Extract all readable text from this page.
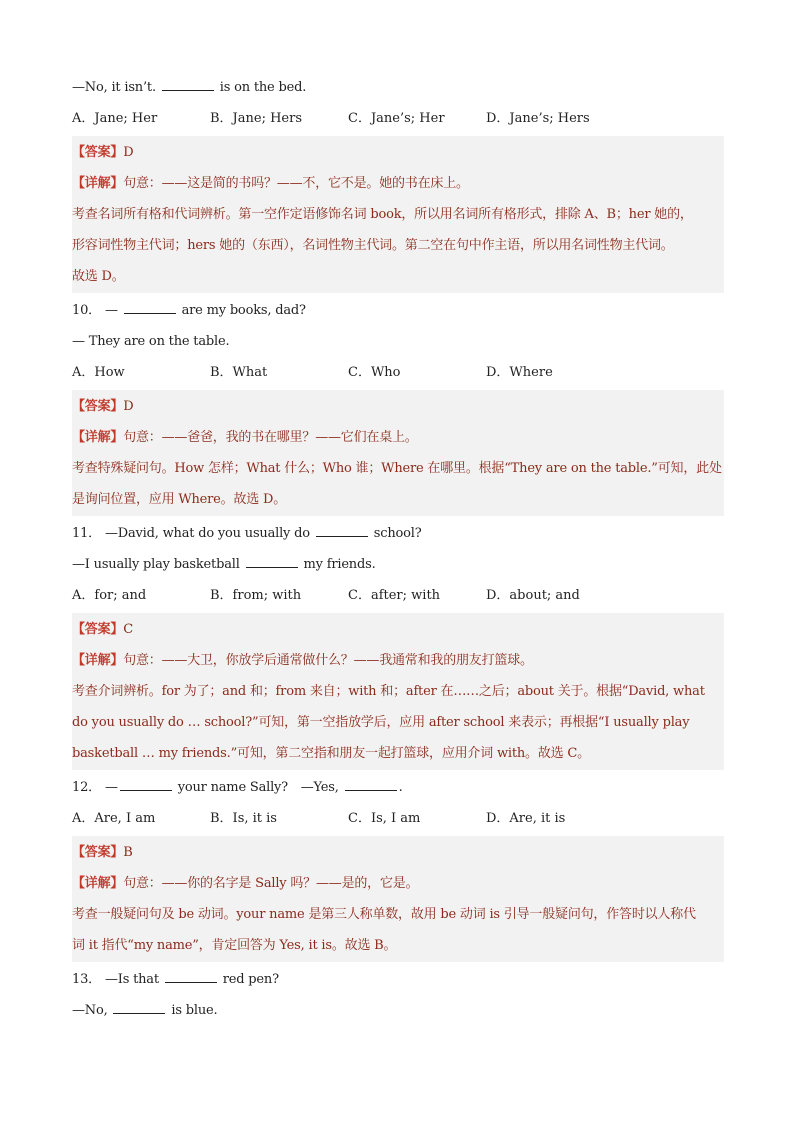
—No, it isn’t.	is on the bed.
A．Jane; Her	B．Jane; Hers	C．Jane’s; Her	D．Jane’s; Hers
【答案】D
【详解】句意：——这是简的书吗？——不，它不是。她的书在床上。
考查名词所有格和代词辨析。第一空作定语修饰名词 book，所以用名词所有格形式，排除 A、B；her 她的，
形容词性物主代词；hers 她的（东西），名词性物主代词。第二空在句中作主语，所以用名词性物主代词。
故选 D。
10． —	are my books, dad?
— They are on the table.
A．How	B．What	C．Who	D．Where
【答案】D
【详解】句意：——爸爸，我的书在哪里？——它们在桌上。
考查特殊疑问句。How 怎样；What 什么；Who 谁；Where 在哪里。根据“They are on the table.”可知，此处
是询问位置，应用 Where。故选 D。
11． —David, what do you usually do	school?
—I usually play basketball	my friends.
A．for; and	B．from; with	C．after; with	D．about; and
【答案】C
【详解】句意：——大卫，你放学后通常做什么？——我通常和我的朋友打篮球。
考查介词辨析。for 为了；and 和；from 来自；with 和；after 在……之后；about 关于。根据“David, what
do you usually do … school?”可知，第一空指放学后，应用 after school 来表示；再根据“I usually play
basketball … my friends.”可知，第二空指和朋友一起打篮球，应用介词 with。故选 C。
12． —	your name Sally?　—Yes,	.
A．Are, I am	B．Is, it is	C．Is, I am	D．Are, it is
【答案】B
【详解】句意：——你的名字是 Sally 吗？——是的，它是。
考查一般疑问句及 be 动词。your name 是第三人称单数，故用 be 动词 is 引导一般疑问句，作答时以人称代
词 it 指代“my name”，肯定回答为 Yes, it is。故选 B。
13． —Is that	red pen?
—No,	is blue.
